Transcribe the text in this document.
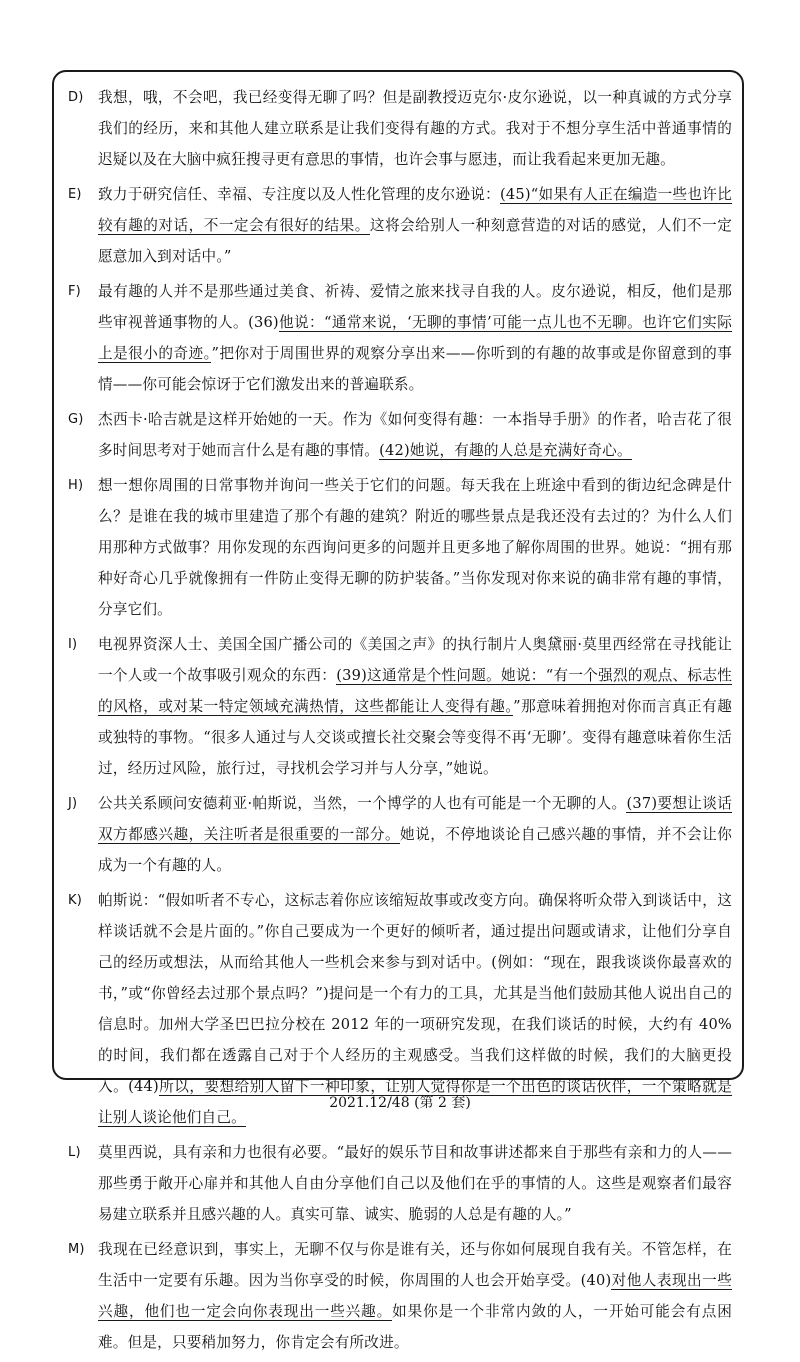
D) 我想，哦，不会吧，我已经变得无聊了吗？但是副教授迈克尔·皮尔逊说，以一种真诚的方式分享我们的经历，来和其他人建立联系是让我们变得有趣的方式。我对于不想分享生活中普通事情的迟疑以及在大脑中疯狂搜寻更有意思的事情，也许会事与愿违，而让我看起来更加无趣。
E)	致力于研究信任、幸福、专注度以及人性化管理的皮尔逊说：(45)“如果有人正在编造一些也许比较有趣的对话，不一定会有很好的结果。这将会给别人一种刻意营造的对话的感觉，人们不一定愿意加入到对话中。”
F)	最有趣的人并不是那些通过美食、祈祷、爱情之旅来找寻自我的人。皮尔逊说，相反，他们是那些审视普通事物的人。(36)他说：“通常来说，‘无聊的事情’可能一点儿也不无聊。也许它们实际上是很小的奇迹。”把你对于周围世界的观察分享出来——你听到的有趣的故事或是你留意到的事情——你可能会惊讶于它们激发出来的普遍联系。
G) 杰西卡·哈吉就是这样开始她的一天。作为《如何变得有趣：一本指导手册》的作者，哈吉花了很多时间思考对于她而言什么是有趣的事情。(42)她说，有趣的人总是充满好奇心。
H)	想一想你周围的日常事物并询问一些关于它们的问题。每天我在上班途中看到的街边纪念碑是什么？是谁在我的城市里建造了那个有趣的建筑？附近的哪些景点是我还没有去过的？为什么人们用那种方式做事？用你发现的东西询问更多的问题并且更多地了解你周围的世界。她说：“拥有那种好奇心几乎就像拥有一件防止变得无聊的防护装备。”当你发现对你来说的确非常有趣的事情，分享它们。
I)	电视界资深人士、美国全国广播公司的《美国之声》的执行制片人奥黛丽·莫里西经常在寻找能让一个人或一个故事吸引观众的东西：(39)这通常是个性问题。她说：“有一个强烈的观点、标志性的风格，或对某一特定领域充满热情，这些都能让人变得有趣。”那意味着拥抱对你而言真正有趣或独特的事物。“很多人通过与人交谈或擅长社交聚会等变得不再‘无聊’。变得有趣意味着你生活过，经历过风险，旅行过，寻找机会学习并与人分享，”她说。
J)	公共关系顾问安德莉亚·帕斯说，当然，一个博学的人也有可能是一个无聊的人。(37)要想让谈话双方都感兴趣，关注听者是很重要的一部分。她说，不停地谈论自己感兴趣的事情，并不会让你成为一个有趣的人。
K)	帕斯说：“假如听者不专心，这标志着你应该缩短故事或改变方向。确保将听众带入到谈话中，这样谈话就不会是片面的。”你自己要成为一个更好的倾听者，通过提出问题或请求，让他们分享自己的经历或想法，从而给其他人一些机会来参与到对话中。(例如：“现在，跟我谈谈你最喜欢的书，”或“你曾经去过那个景点吗？”)提问是一个有力的工具，尤其是当他们鼓励其他人说出自己的信息时。加州大学圣巴巴拉分校在 2012 年的一项研究发现，在我们谈话的时候，大约有 40% 的时间，我们都在透露自己对于个人经历的主观感受。当我们这样做的时候，我们的大脑更投入。(44)所以，要想给别人留下一种印象，让别人觉得你是一个出色的谈话伙伴，一个策略就是让别人谈论他们自己。
L)	莫里西说，具有亲和力也很有必要。“最好的娱乐节目和故事讲述都来自于那些有亲和力的人——那些勇于敞开心扉并和其他人自由分享他们自己以及他们在乎的事情的人。这些是观察者们最容易建立联系并且感兴趣的人。真实可靠、诚实、脆弱的人总是有趣的人。”
M) 我现在已经意识到，事实上，无聊不仅与你是谁有关，还与你如何展现自我有关。不管怎样，在生活中一定要有乐趣。因为当你享受的时候，你周围的人也会开始享受。(40)对他人表现出一些兴趣，他们也一定会向你表现出一些兴趣。如果你是一个非常内敛的人，一开始可能会有点困难。但是，只要稍加努力，你肯定会有所改进。
2021.12/48 (第 2 套)
